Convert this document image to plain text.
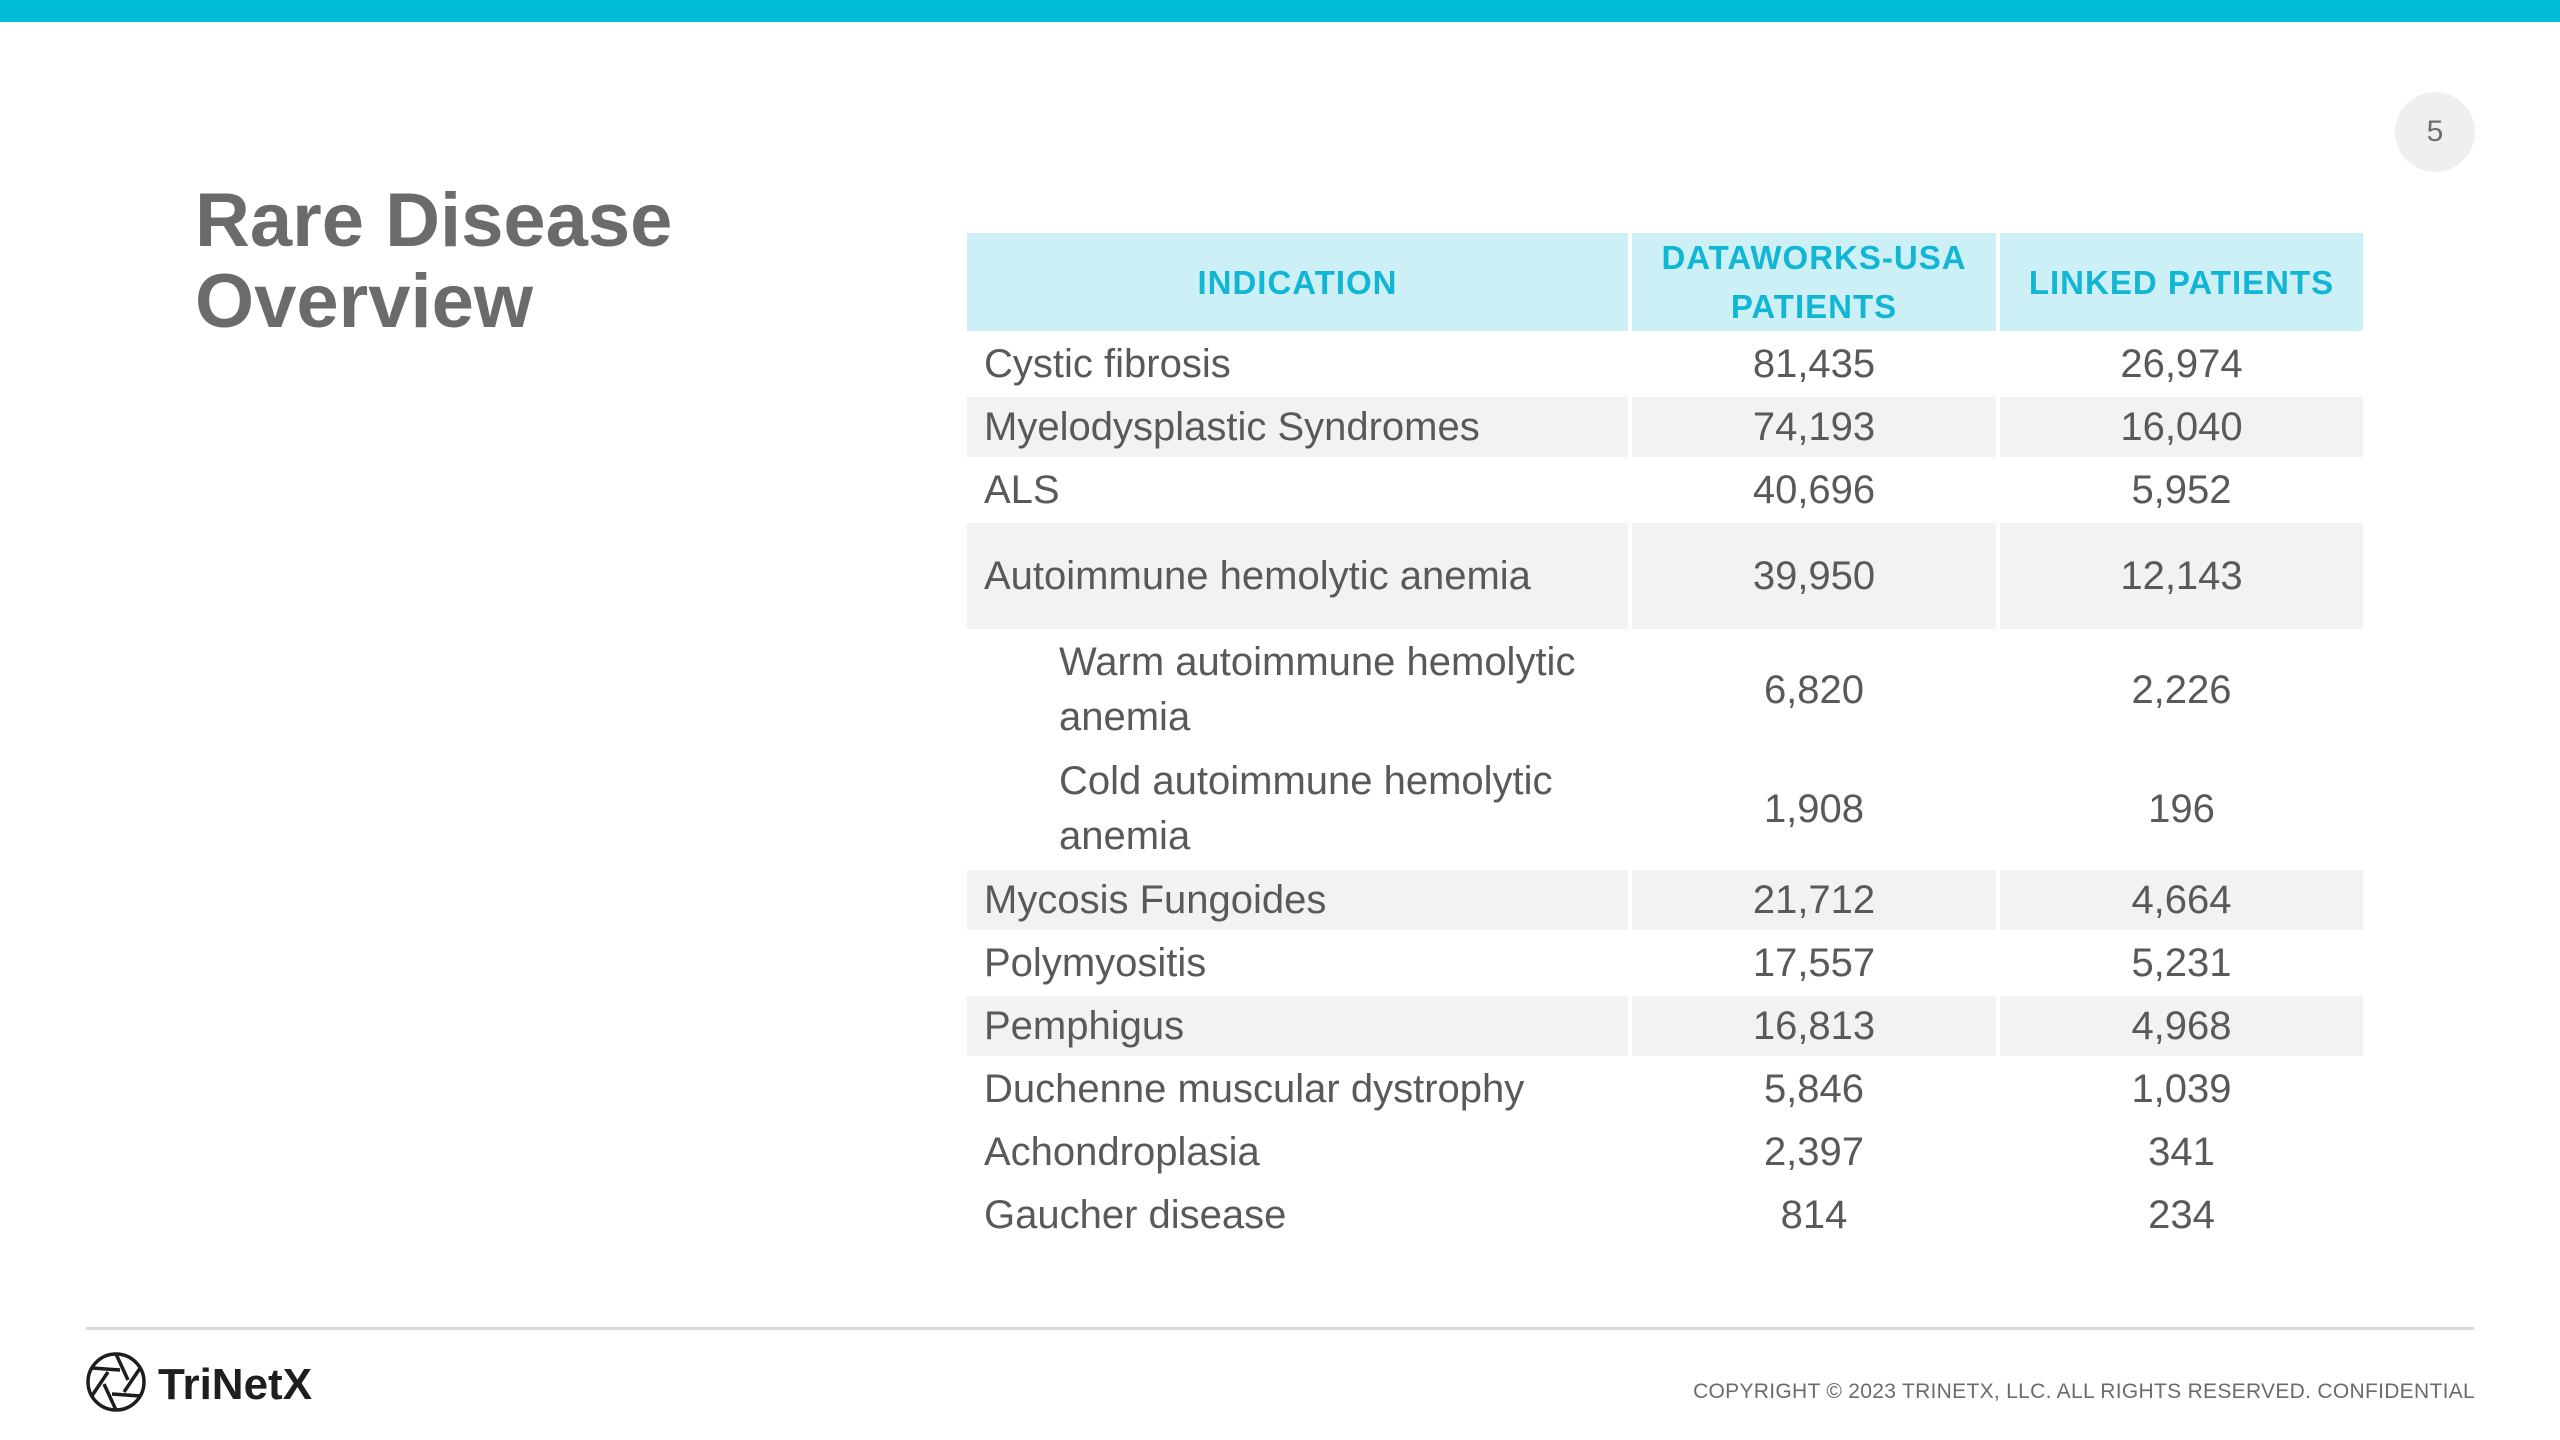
5
Rare Disease
Overview	INDICATION	DATAWORKS-USA PATIENTS	LINKED PATIENTS
Cystic fibrosis	81,435	26,974
Myelodysplastic Syndromes	74,193	16,040
ALS	40,696	5,952
Autoimmune hemolytic anemia	39,950	12,143
Warm autoimmune hemolytic anemia	6,820	2,226
Cold autoimmune hemolytic anemia	1,908	196
Mycosis Fungoides	21,712	4,664
Polymyositis	17,557	5,231
Pemphigus	16,813	4,968
Duchenne muscular dystrophy	5,846	1,039
Achondroplasia	2,397	341
Gaucher disease	814	234
TriNetX	COPYRIGHT © 2023 TRINETX, LLC. ALL RIGHTS RESERVED. CONFIDENTIAL
